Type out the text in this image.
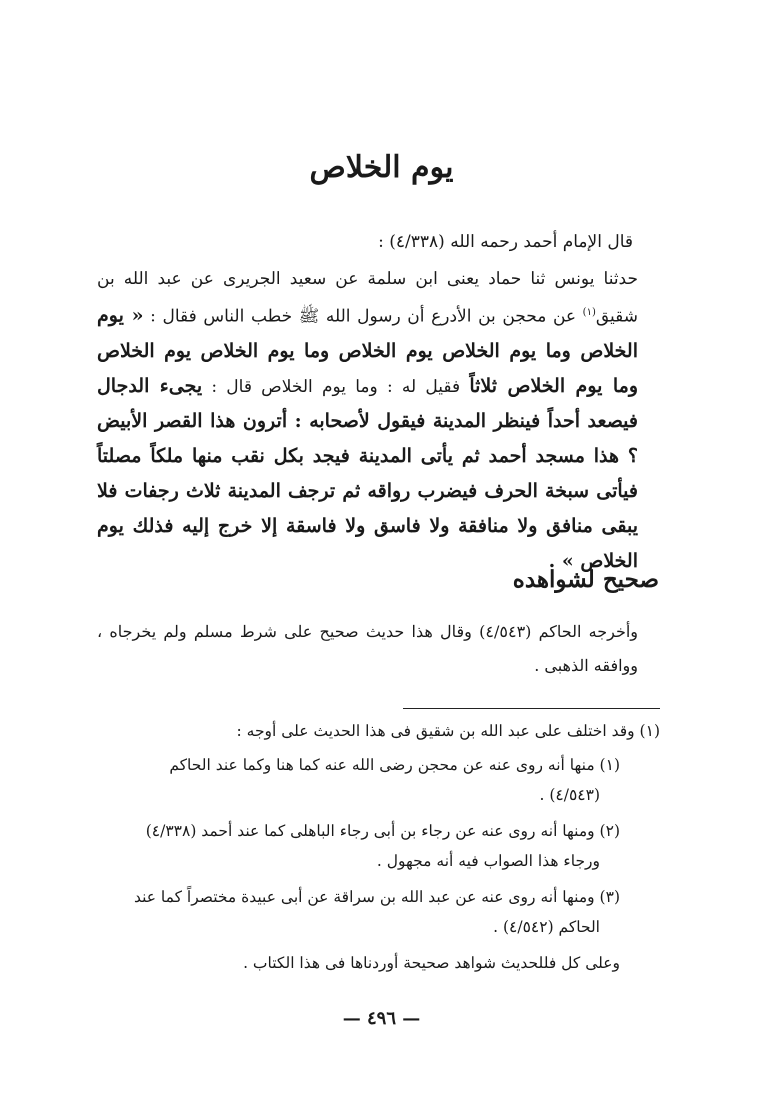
يوم الخلاص
قال الإمام أحمد رحمه الله (٤/٣٣٨) :

حدثنا يونس ثنا حماد يعنى ابن سلمة عن سعيد الجريرى عن عبد الله بن شقيق$^{(١)}$ عن محجن بن الأدرع أن رسول الله ﷺ خطب الناس فقال : « يوم الخلاص وما يوم الخلاص يوم الخلاص وما يوم الخلاص يوم الخلاص وما يوم الخلاص ثلاثاً فقيل له : وما يوم الخلاص قال : يجىء الدجال فيصعد أحداً فينظر المدينة فيقول لأصحابه : أترون هذا القصر الأبيض ؟ هذا مسجد أحمد ثم يأتى المدينة فيجد بكل نقب منها ملكاً مصلتاً فيأتى سبخة الحرف فيضرب رواقه ثم ترجف المدينة ثلاث رجفات فلا يبقى منافق ولا منافقة ولا فاسق ولا فاسقة إلا خرج إليه فذلك يوم الخلاص » .

صحيح لشواهده

وأخرجه الحاكم (٤/٥٤٣) وقال هذا حديث صحيح على شرط مسلم ولم يخرجاه ، ووافقه الذهبى .

(١) وقد اختلف على عبد الله بن شقيق فى هذا الحديث على أوجه :

(١) منها أنه روى عنه عن محجن رضى الله عنه كما هنا وكما عند الحاكم

(٤/٥٤٣) .

(٢) ومنها أنه روى عنه عن رجاء بن أبى رجاء الباهلى كما عند أحمد (٤/٣٣٨)

ورجاء هذا الصواب فيه أنه مجهول .

(٣) ومنها أنه روى عنه عن عبد الله بن سراقة عن أبى عبيدة مختصراً كما عند

الحاكم (٤/٥٤٢) .

وعلى كل فللحديث شواهد صحيحة أوردناها فى هذا الكتاب .

— ٤٩٦ —
